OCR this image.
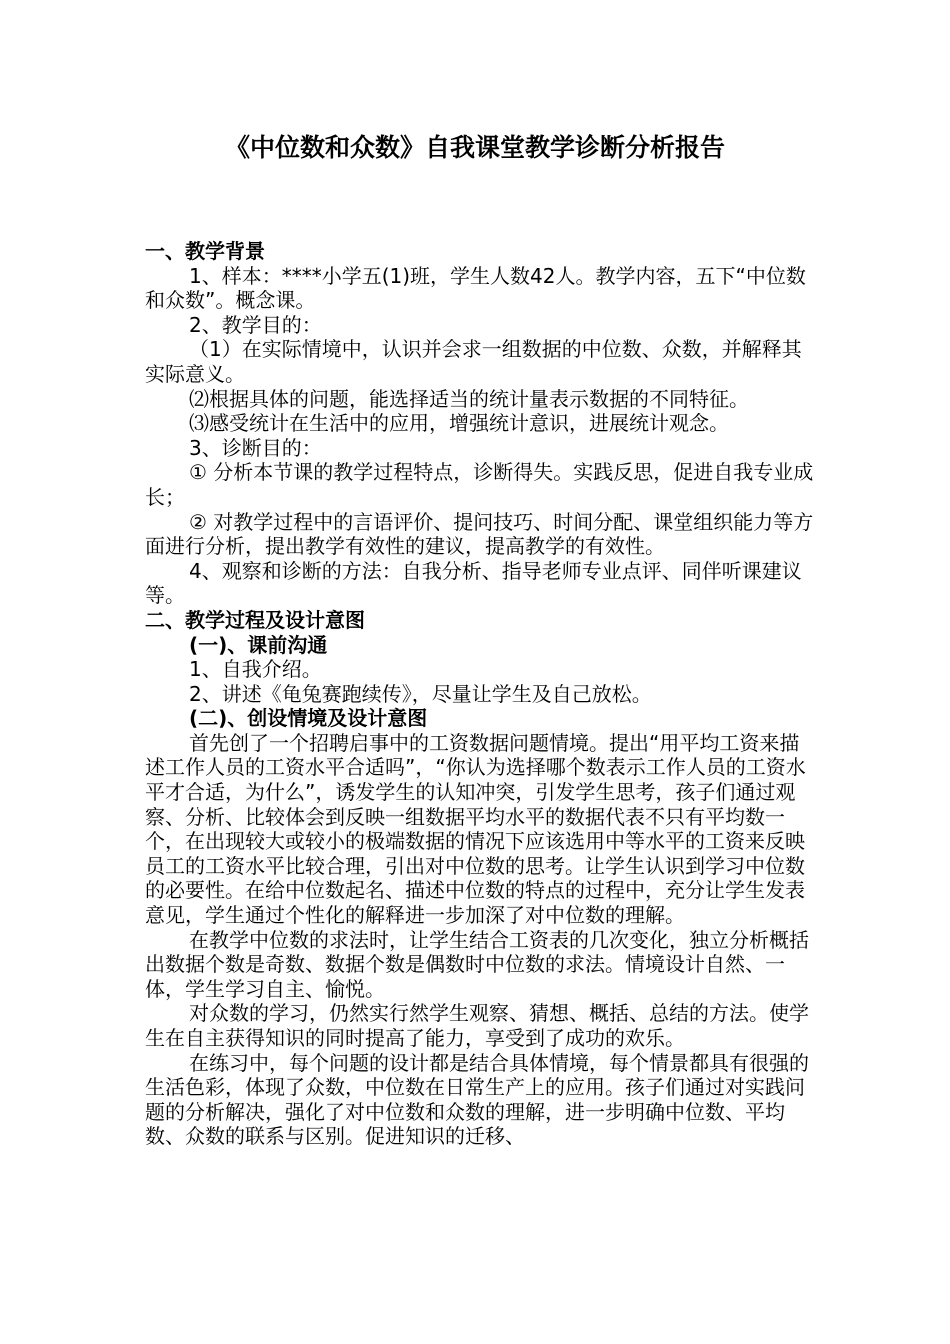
《中位数和众数》自我课堂教学诊断分析报告

一、教学背景

1、样本：****小学五(1)班，学生人数42人。教学内容，五下“中位数和众数”。概念课。

2、教学目的：

（1）在实际情境中，认识并会求一组数据的中位数、众数，并解释其实际意义。

⑵根据具体的问题，能选择适当的统计量表示数据的不同特征。

⑶感受统计在生活中的应用，增强统计意识，进展统计观念。

3、诊断目的：

① 分析本节课的教学过程特点，诊断得失。实践反思，促进自我专业成长；

② 对教学过程中的言语评价、提问技巧、时间分配、课堂组织能力等方面进行分析，提出教学有效性的建议，提高教学的有效性。

4、观察和诊断的方法：自我分析、指导老师专业点评、同伴听课建议等。

二、教学过程及设计意图

(一)、课前沟通

1、自我介绍。

2、讲述《龟兔赛跑续传》，尽量让学生及自己放松。

(二)、创设情境及设计意图

首先创了一个招聘启事中的工资数据问题情境。提出“用平均工资来描述工作人员的工资水平合适吗”，“你认为选择哪个数表示工作人员的工资水平才合适，为什么”，诱发学生的认知冲突，引发学生思考，孩子们通过观察、分析、比较体会到反映一组数据平均水平的数据代表不只有平均数一个，在出现较大或较小的极端数据的情况下应该选用中等水平的工资来反映员工的工资水平比较合理，引出对中位数的思考。让学生认识到学习中位数的必要性。在给中位数起名、描述中位数的特点的过程中，充分让学生发表意见，学生通过个性化的解释进一步加深了对中位数的理解。

在教学中位数的求法时，让学生结合工资表的几次变化，独立分析概括出数据个数是奇数、数据个数是偶数时中位数的求法。情境设计自然、一体，学生学习自主、愉悦。

对众数的学习，仍然实行然学生观察、猜想、概括、总结的方法。使学生在自主获得知识的同时提高了能力，享受到了成功的欢乐。

在练习中，每个问题的设计都是结合具体情境，每个情景都具有很强的生活色彩，体现了众数，中位数在日常生产上的应用。孩子们通过对实践问题的分析解决，强化了对中位数和众数的理解，进一步明确中位数、平均数、众数的联系与区别。促进知识的迁移、
